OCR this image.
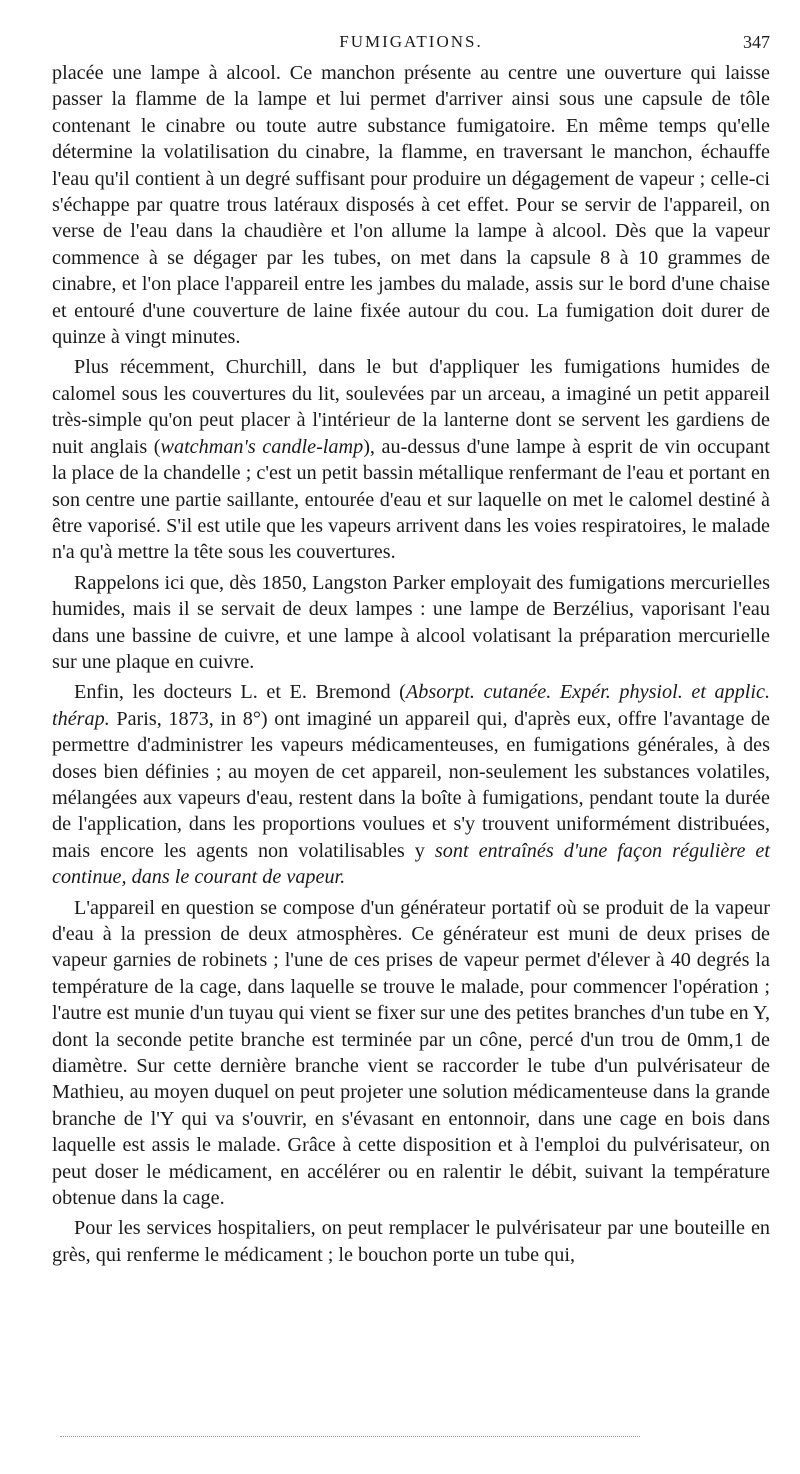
FUMIGATIONS.	347

placée une lampe à alcool. Ce manchon présente au centre une ouverture qui laisse passer la flamme de la lampe et lui permet d'arriver ainsi sous une capsule de tôle contenant le cinabre ou toute autre substance fumigatoire. En même temps qu'elle détermine la volatilisation du cinabre, la flamme, en traversant le manchon, échauffe l'eau qu'il contient à un degré suffisant pour produire un dégagement de vapeur ; celle-ci s'échappe par quatre trous latéraux disposés à cet effet. Pour se servir de l'appareil, on verse de l'eau dans la chaudière et l'on allume la lampe à alcool. Dès que la vapeur commence à se dégager par les tubes, on met dans la capsule 8 à 10 grammes de cinabre, et l'on place l'appareil entre les jambes du malade, assis sur le bord d'une chaise et entouré d'une couverture de laine fixée autour du cou. La fumigation doit durer de quinze à vingt minutes.

Plus récemment, Churchill, dans le but d'appliquer les fumigations humides de calomel sous les couvertures du lit, soulevées par un arceau, a imaginé un petit appareil très-simple qu'on peut placer à l'intérieur de la lanterne dont se servent les gardiens de nuit anglais (watchman's candle-lamp), au-dessus d'une lampe à esprit de vin occupant la place de la chandelle ; c'est un petit bassin métallique renfermant de l'eau et portant en son centre une partie saillante, entourée d'eau et sur laquelle on met le calomel destiné à être vaporisé. S'il est utile que les vapeurs arrivent dans les voies respiratoires, le malade n'a qu'à mettre la tête sous les couvertures.

Rappelons ici que, dès 1850, Langston Parker employait des fumigations mercurielles humides, mais il se servait de deux lampes : une lampe de Berzélius, vaporisant l'eau dans une bassine de cuivre, et une lampe à alcool volatisant la préparation mercurielle sur une plaque en cuivre.

Enfin, les docteurs L. et E. Bremond (Absorpt. cutanée. Expér. physiol. et applic. thérap. Paris, 1873, in 8°) ont imaginé un appareil qui, d'après eux, offre l'avantage de permettre d'administrer les vapeurs médicamenteuses, en fumigations générales, à des doses bien définies ; au moyen de cet appareil, non-seulement les substances volatiles, mélangées aux vapeurs d'eau, restent dans la boîte à fumigations, pendant toute la durée de l'application, dans les proportions voulues et s'y trouvent uniformément distribuées, mais encore les agents non volatilisables y sont entraînés d'une façon régulière et continue, dans le courant de vapeur.

L'appareil en question se compose d'un générateur portatif où se produit de la vapeur d'eau à la pression de deux atmosphères. Ce générateur est muni de deux prises de vapeur garnies de robinets ; l'une de ces prises de vapeur permet d'élever à 40 degrés la température de la cage, dans laquelle se trouve le malade, pour commencer l'opération ; l'autre est munie d'un tuyau qui vient se fixer sur une des petites branches d'un tube en Y, dont la seconde petite branche est terminée par un cône, percé d'un trou de 0mm,1 de diamètre. Sur cette dernière branche vient se raccorder le tube d'un pulvérisateur de Mathieu, au moyen duquel on peut projeter une solution médicamenteuse dans la grande branche de l'Y qui va s'ouvrir, en s'évasant en entonnoir, dans une cage en bois dans laquelle est assis le malade. Grâce à cette disposition et à l'emploi du pulvérisateur, on peut doser le médicament, en accélérer ou en ralentir le débit, suivant la température obtenue dans la cage.

Pour les services hospitaliers, on peut remplacer le pulvérisateur par une bouteille en grès, qui renferme le médicament ; le bouchon porte un tube qui,
